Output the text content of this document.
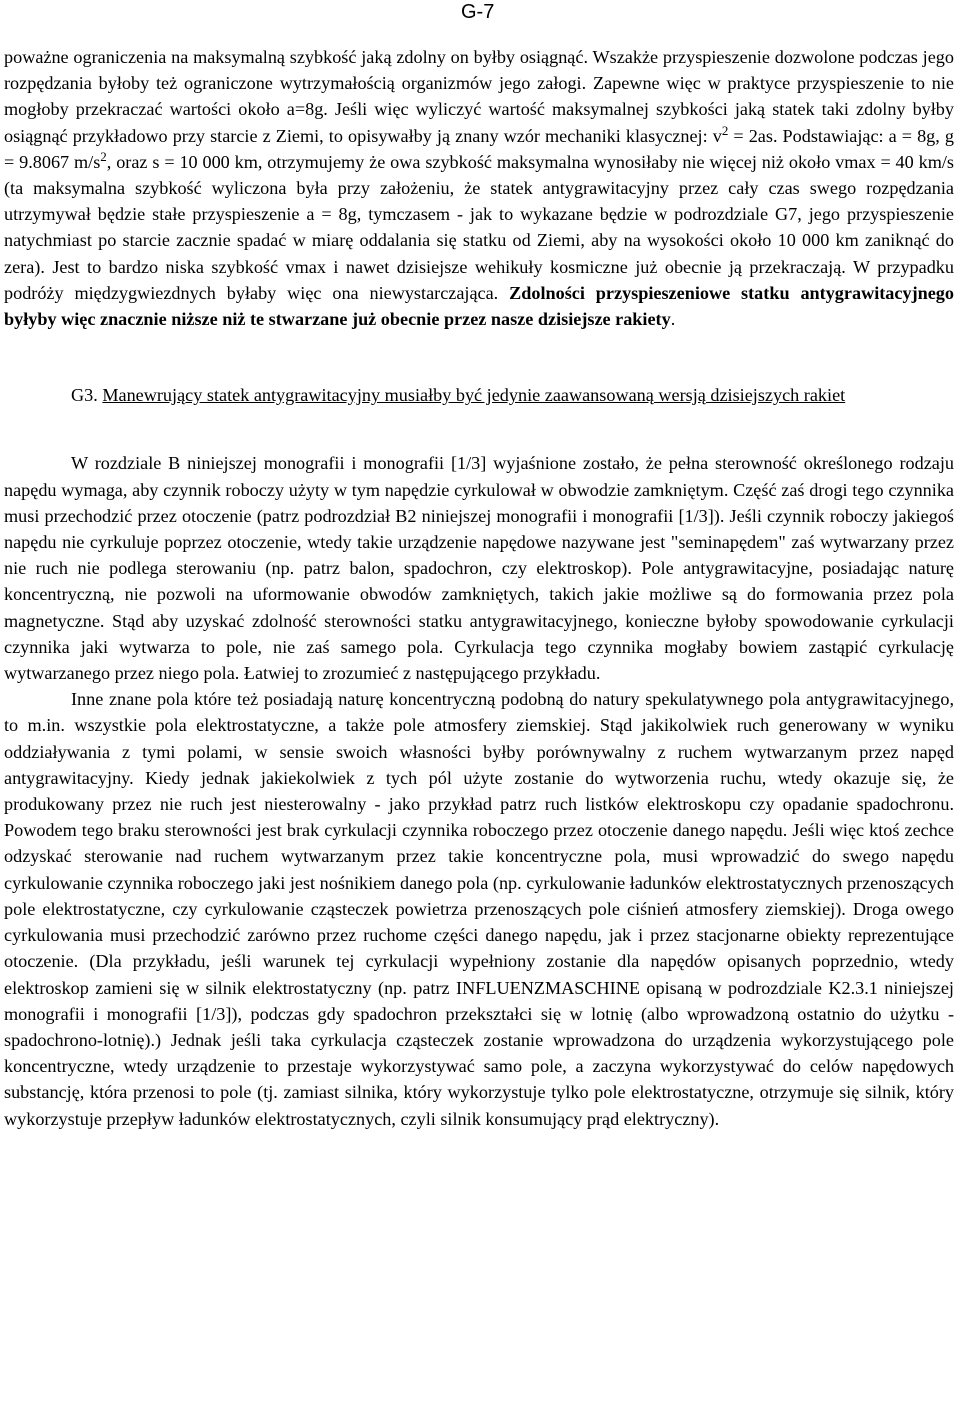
G-7

poważne ograniczenia na maksymalną szybkość jaką zdolny on byłby osiągnąć. Wszakże przyspieszenie dozwolone podczas jego rozpędzania byłoby też ograniczone wytrzymałością organizmów jego załogi. Zapewne więc w praktyce przyspieszenie to nie mogłoby przekraczać wartości około a=8g. Jeśli więc wyliczyć wartość maksymalnej szybkości jaką statek taki zdolny byłby osiągnąć przykładowo przy starcie z Ziemi, to opisywałby ją znany wzór mechaniki klasycznej: $v^2 = 2as$. Podstawiając: a = 8g, g = 9.8067 $m/s^2$, oraz s = 10 000 km, otrzymujemy że owa szybkość maksymalna wynosiłaby nie więcej niż około vmax = 40 km/s (ta maksymalna szybkość wyliczona była przy założeniu, że statek antygrawitacyjny przez cały czas swego rozpędzania utrzymywał będzie stałe przyspieszenie a = 8g, tymczasem - jak to wykazane będzie w podrozdziale G7, jego przyspieszenie natychmiast po starcie zacznie spadać w miarę oddalania się statku od Ziemi, aby na wysokości około 10 000 km zaniknąć do zera). Jest to bardzo niska szybkość vmax i nawet dzisiejsze wehikuły kosmiczne już obecnie ją przekraczają. W przypadku podróży międzygwiezdnych byłaby więc ona niewystarczająca. Zdolności przyspieszeniowe statku antygrawitacyjnego byłyby więc znacznie niższe niż te stwarzane już obecnie przez nasze dzisiejsze rakiety.

G3. Manewrujący statek antygrawitacyjny musiałby być jedynie zaawansowaną wersją dzisiejszych rakiet

W rozdziale B niniejszej monografii i monografii [1/3] wyjaśnione zostało, że pełna sterowność określonego rodzaju napędu wymaga, aby czynnik roboczy użyty w tym napędzie cyrkulował w obwodzie zamkniętym. Część zaś drogi tego czynnika musi przechodzić przez otoczenie (patrz podrozdział B2 niniejszej monografii i monografii [1/3]). Jeśli czynnik roboczy jakiegoś napędu nie cyrkuluje poprzez otoczenie, wtedy takie urządzenie napędowe nazywane jest "seminapędem" zaś wytwarzany przez nie ruch nie podlega sterowaniu (np. patrz balon, spadochron, czy elektroskop). Pole antygrawitacyjne, posiadając naturę koncentryczną, nie pozwoli na uformowanie obwodów zamkniętych, takich jakie możliwe są do formowania przez pola magnetyczne. Stąd aby uzyskać zdolność sterowności statku antygrawitacyjnego, konieczne byłoby spowodowanie cyrkulacji czynnika jaki wytwarza to pole, nie zaś samego pola. Cyrkulacja tego czynnika mogłaby bowiem zastąpić cyrkulację wytwarzanego przez niego pola. Łatwiej to zrozumieć z następującego przykładu.

Inne znane pola które też posiadają naturę koncentryczną podobną do natury spekulatywnego pola antygrawitacyjnego, to m.in. wszystkie pola elektrostatyczne, a także pole atmosfery ziemskiej. Stąd jakikolwiek ruch generowany w wyniku oddziaływania z tymi polami, w sensie swoich własności byłby porównywalny z ruchem wytwarzanym przez napęd antygrawitacyjny. Kiedy jednak jakiekolwiek z tych pól użyte zostanie do wytworzenia ruchu, wtedy okazuje się, że produkowany przez nie ruch jest niesterowalny - jako przykład patrz ruch listków elektroskopu czy opadanie spadochronu. Powodem tego braku sterowności jest brak cyrkulacji czynnika roboczego przez otoczenie danego napędu. Jeśli więc ktoś zechce odzyskać sterowanie nad ruchem wytwarzanym przez takie koncentryczne pola, musi wprowadzić do swego napędu cyrkulowanie czynnika roboczego jaki jest nośnikiem danego pola (np. cyrkulowanie ładunków elektrostatycznych przenoszących pole elektrostatyczne, czy cyrkulowanie cząsteczek powietrza przenoszących pole ciśnień atmosfery ziemskiej). Droga owego cyrkulowania musi przechodzić zarówno przez ruchome części danego napędu, jak i przez stacjonarne obiekty reprezentujące otoczenie. (Dla przykładu, jeśli warunek tej cyrkulacji wypełniony zostanie dla napędów opisanych poprzednio, wtedy elektroskop zamieni się w silnik elektrostatyczny (np. patrz INFLUENZMASCHINE opisaną w podrozdziale K2.3.1 niniejszej monografii i monografii [1/3]), podczas gdy spadochron przekształci się w lotnię (albo wprowadzoną ostatnio do użytku - spadochrono-lotnię).) Jednak jeśli taka cyrkulacja cząsteczek zostanie wprowadzona do urządzenia wykorzystującego pole koncentryczne, wtedy urządzenie to przestaje wykorzystywać samo pole, a zaczyna wykorzystywać do celów napędowych substancję, która przenosi to pole (tj. zamiast silnika, który wykorzystuje tylko pole elektrostatyczne, otrzymuje się silnik, który wykorzystuje przepływ ładunków elektrostatycznych, czyli silnik konsumujący prąd elektryczny).
